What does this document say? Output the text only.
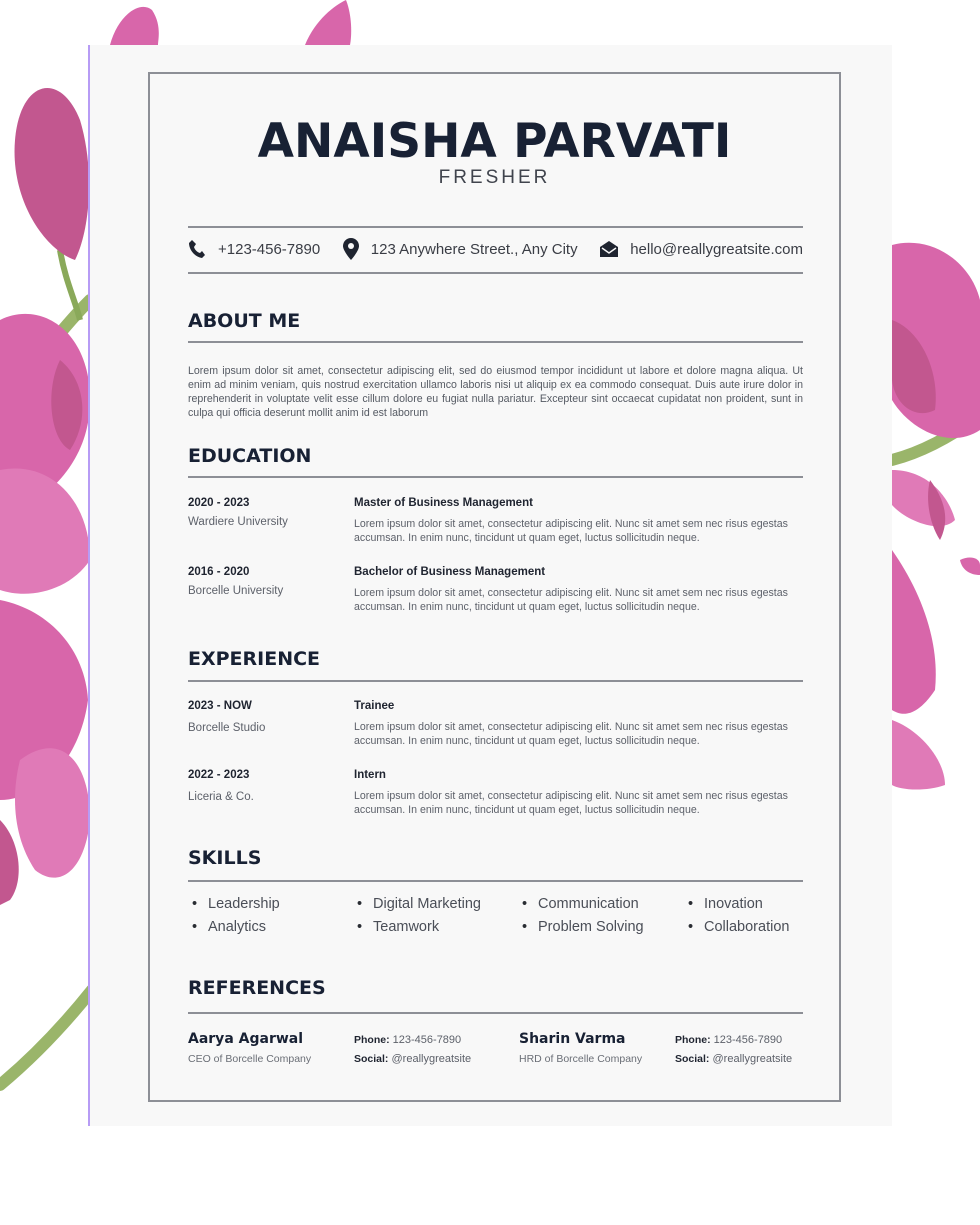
ANAISHA PARVATI
FRESHER
+123-456-7890	123 Anywhere Street., Any City	hello@reallygreatsite.com
ABOUT ME
Lorem ipsum dolor sit amet, consectetur adipiscing elit, sed do eiusmod tempor incididunt ut labore et dolore magna aliqua. Ut enim ad minim veniam, quis nostrud exercitation ullamco laboris nisi ut aliquip ex ea commodo consequat. Duis aute irure dolor in reprehenderit in voluptate velit esse cillum dolore eu fugiat nulla pariatur. Excepteur sint occaecat cupidatat non proident, sunt in culpa qui officia deserunt mollit anim id est laborum
EDUCATION
2020 - 2023
Wardiere University
Master of Business Management
Lorem ipsum dolor sit amet, consectetur adipiscing elit. Nunc sit amet sem nec risus egestas accumsan. In enim nunc, tincidunt ut quam eget, luctus sollicitudin neque.
2016 - 2020
Borcelle University
Bachelor of Business Management
Lorem ipsum dolor sit amet, consectetur adipiscing elit. Nunc sit amet sem nec risus egestas accumsan. In enim nunc, tincidunt ut quam eget, luctus sollicitudin neque.
EXPERIENCE
2023 - NOW
Borcelle Studio
Trainee
Lorem ipsum dolor sit amet, consectetur adipiscing elit. Nunc sit amet sem nec risus egestas accumsan. In enim nunc, tincidunt ut quam eget, luctus sollicitudin neque.
2022 - 2023
Liceria & Co.
Intern
Lorem ipsum dolor sit amet, consectetur adipiscing elit. Nunc sit amet sem nec risus egestas accumsan. In enim nunc, tincidunt ut quam eget, luctus sollicitudin neque.
SKILLS
• Leadership
• Analytics
• Digital Marketing
• Teamwork
• Communication
• Problem Solving
• Inovation
• Collaboration
REFERENCES
Aarya Agarwal
CEO of Borcelle Company
Phone: 123-456-7890
Social: @reallygreatsite
Sharin Varma
HRD of Borcelle Company
Phone: 123-456-7890
Social: @reallygreatsite
